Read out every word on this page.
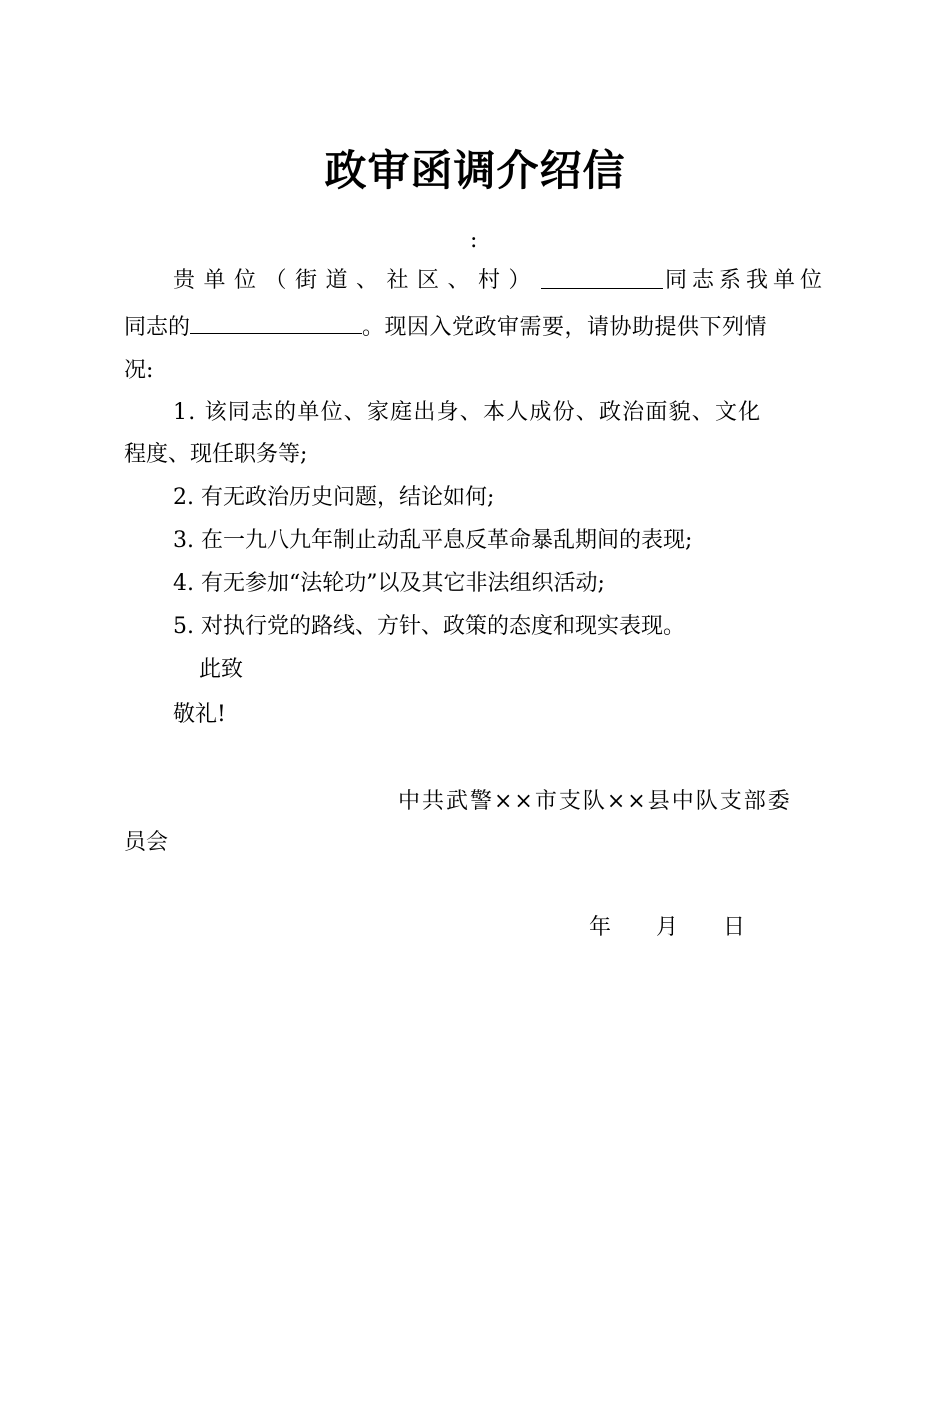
政审函调介绍信
:
贵单位（街道、社区、村）	同志系我单位
同志的	。现因入党政审需要，请协助提供下列情
况:
1. 该同志的单位、家庭出身、本人成份、政治面貌、文化
程度、现任职务等;
2. 有无政治历史问题，结论如何;
3. 在一九八九年制止动乱平息反革命暴乱期间的表现;
4. 有无参加“法轮功”以及其它非法组织活动;
5. 对执行党的路线、方针、政策的态度和现实表现。
此致
敬礼!
中共武警××市支队××县中队支部委
员会
年 月 日
